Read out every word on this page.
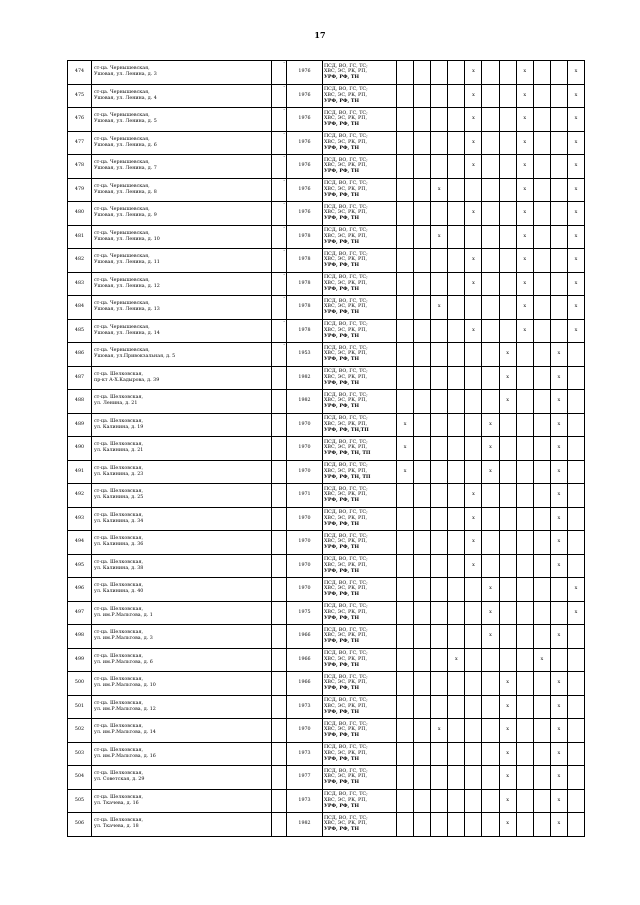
17
474	ст-ца. Чернышевская,
Ушовая, ул. Ленина, д. 3	-	1976	ПСД, ВО, ГС, ТС;
ХВС, ЭС, РК, РП,
УРФ, РФ, ТН					x			x			x
475	ст-ца. Чернышевская,
Ушовая, ул. Ленина, д. 4	-	1976	ПСД, ВО, ГС, ТС;
ХВС, ЭС, РК, РП,
УРФ, РФ, ТН					x			x			x
476	ст-ца. Чернышевская,
Ушовая, ул. Ленина, д. 5	-	1976	ПСД, ВО, ГС, ТС;
ХВС, ЭС, РК, РП,
УРФ, РФ, ТН					x			x			x
477	ст-ца. Чернышевская,
Ушовая, ул. Ленина, д. 6	-	1976	ПСД, ВО, ГС, ТС;
ХВС, ЭС, РК, РП,
УРФ, РФ, ТН					x			x			x
478	ст-ца. Чернышевская,
Ушовая, ул. Ленина, д. 7	-	1976	ПСД, ВО, ГС, ТС;
ХВС, ЭС, РК, РП,
УРФ, РФ, ТН					x			x			x
479	ст-ца. Чернышевская,
Ушовая, ул. Ленина, д. 8	-	1976	ПСД, ВО, ГС, ТС;
ХВС, ЭС, РК, РП,
УРФ, РФ, ТН			x					x			x
480	ст-ца. Чернышевская,
Ушовая, ул. Ленина, д. 9	-	1976	ПСД, ВО, ГС, ТС;
ХВС, ЭС, РК, РП,
УРФ, РФ, ТН					x			x			x
481	ст-ца. Чернышевская,
Ушовая, ул. Ленина, д. 10	-	1978	ПСД, ВО, ГС, ТС;
ХВС, ЭС, РК, РП,
УРФ, РФ, ТН			x					x			x
482	ст-ца. Чернышевская,
Ушовая, ул. Ленина, д. 11	-	1978	ПСД, ВО, ГС, ТС;
ХВС, ЭС, РК, РП,
УРФ, РФ, ТН					x			x			x
483	ст-ца. Чернышевская,
Ушовая, ул. Ленина, д. 12	-	1978	ПСД, ВО, ГС, ТС;
ХВС, ЭС, РК, РП,
УРФ, РФ, ТН					x			x			x
484	ст-ца. Чернышевская,
Ушовая, ул. Ленина, д. 13	-	1978	ПСД, ВО, ГС, ТС;
ХВС, ЭС, РК, РП,
УРФ, РФ, ТН			x					x			x
485	ст-ца. Чернышевская,
Ушовая, ул. Ленина, д. 14	-	1978	ПСД, ВО, ГС, ТС;
ХВС, ЭС, РК, РП,
УРФ, РФ, ТН					x			x			x
486	ст-ца. Чернышевская,
Ушовая, ул.Привокзальная, д. 5	-	1953	ПСД, ВО, ГС, ТС;
ХВС, ЭС, РК, РП,
УРФ, РФ, ТН							x			x	
487	ст-ца. Шелковская,
пр-кт А-Х.Кадырова, д. 39		1982	ПСД, ВО, ГС, ТС;
ХВС, ЭС, РК, РП,
УРФ, РФ, ТН							x			x	
488	ст-ца. Шелковская,
ул. Ленина, д. 21		1982	ПСД, ВО, ГС, ТС;
ХВС, ЭС, РК, РП,
УРФ, РФ, ТН							x			x	
489	ст-ца. Шелковская,
ул. Калинина, д. 19		1970	ПСД, ВО, ГС, ТС;
ХВС, ЭС, РК, РП,
УРФ, РФ, ТН,ТП	x					x				x	
490	ст-ца. Шелковская,
ул. Калинина, д. 21		1970	ПСД, ВО, ГС, ТС;
ХВС, ЭС, РК, РП,
УРФ, РФ, ТН, ТП	x					x				x	
491	ст-ца. Шелковская,
ул. Калинина, д. 23		1970	ПСД, ВО, ГС, ТС;
ХВС, ЭС, РК, РП,
УРФ, РФ, ТН, ТП	x					x				x	
492	ст-ца. Шелковская,
ул. Калинина, д. 25		1971	ПСД, ВО, ГС, ТС;
ХВС, ЭС, РК, РП,
УРФ, РФ, ТН					x					x	
493	ст-ца. Шелковская,
ул. Калинина, д. 34		1970	ПСД, ВО, ГС, ТС;
ХВС, ЭС, РК, РП,
УРФ, РФ, ТН					x					x	
494	ст-ца. Шелковская,
ул. Калинина, д. 36		1970	ПСД, ВО, ГС, ТС;
ХВС, ЭС, РК, РП,
УРФ, РФ, ТН					x					x	
495	ст-ца. Шелковская,
ул. Калинина, д. 38		1970	ПСД, ВО, ГС, ТС;
ХВС, ЭС, РК, РП,
УРФ, РФ, ТН					x					x	
496	ст-ца. Шелковская,
ул. Калинина, д. 40		1970	ПСД, ВО, ГС, ТС;
ХВС, ЭС, РК, РП,
УРФ, РФ, ТН						x					x
497	ст-ца. Шелковская,
ул. им.Р.Мальтова, д. 1		1975	ПСД, ВО, ГС, ТС;
ХВС, ЭС, РК, РП,
УРФ, РФ, ТН						x					x
498	ст-ца. Шелковская,
ул. им.Р.Мальтова, д. 3		1966	ПСД, ВО, ГС, ТС;
ХВС, ЭС, РК, РП,
УРФ, РФ, ТН						x				x	
499	ст-ца. Шелковская,
ул. им.Р.Мальтова, д. 6		1966	ПСД, ВО, ГС, ТС;
ХВС, ЭС, РК, РП,
УРФ, РФ, ТН				x					x		
500	ст-ца. Шелковская,
ул. им.Р.Мальтова, д. 10		1966	ПСД, ВО, ГС, ТС;
ХВС, ЭС, РК, РП,
УРФ, РФ, ТН							x			x	
501	ст-ца. Шелковская,
ул. им.Р.Мальтова, д. 12		1973	ПСД, ВО, ГС, ТС;
ХВС, ЭС, РК, РП,
УРФ, РФ, ТН							x			x	
502	ст-ца. Шелковская,
ул. им.Р.Мальтова, д. 14		1970	ПСД, ВО, ГС, ТС;
ХВС, ЭС, РК, РП,
УРФ, РФ, ТН			x				x			x	
503	ст-ца. Шелковская,
ул. им.Р.Мальтова, д. 16		1973	ПСД, ВО, ГС, ТС;
ХВС, ЭС, РК, РП,
УРФ, РФ, ТН							x			x	
504	ст-ца. Шелковская,
ул. Советская, д. 29		1977	ПСД, ВО, ГС, ТС;
ХВС, ЭС, РК, РП,
УРФ, РФ, ТН							x			x	
505	ст-ца. Шелковская,
ул. Ткачева, д. 16		1973	ПСД, ВО, ГС, ТС;
ХВС, ЭС, РК, РП,
УРФ, РФ, ТН							x			x	
506	ст-ца. Шелковская,
ул. Ткачева, д. 18		1982	ПСД, ВО, ГС, ТС;
ХВС, ЭС, РК, РП,
УРФ, РФ, ТН							x			x	
